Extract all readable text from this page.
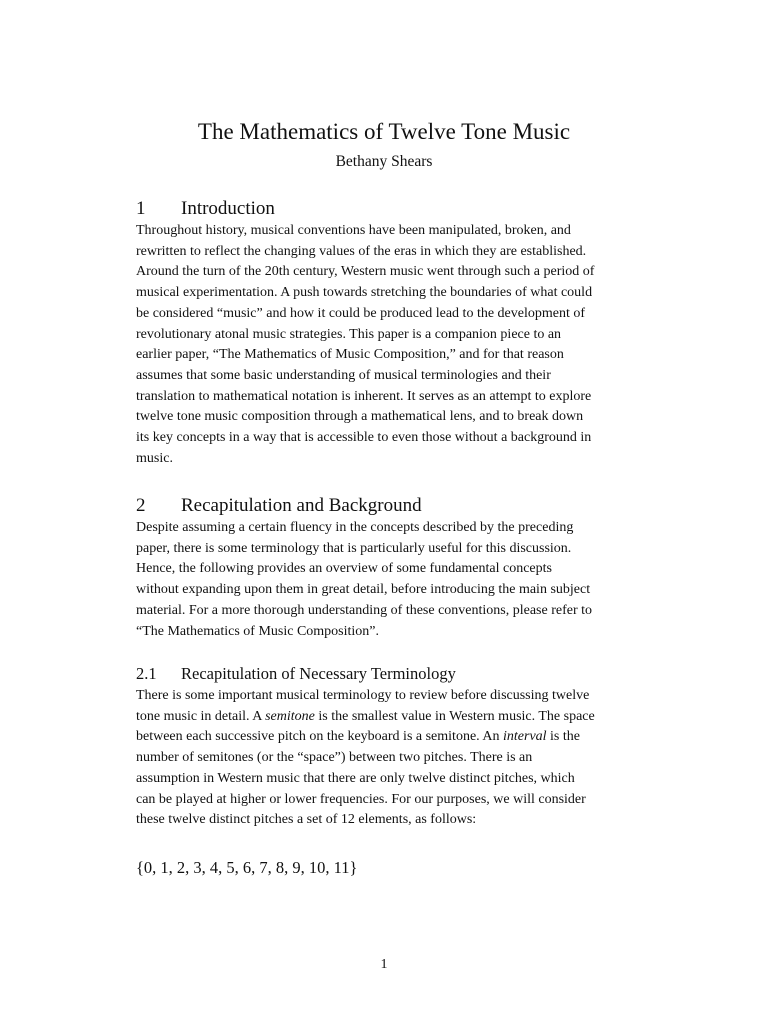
The Mathematics of Twelve Tone Music
Bethany Shears
1 Introduction

Throughout history, musical conventions have been manipulated, broken, and
rewritten to reflect the changing values of the eras in which they are established.
Around the turn of the 20th century, Western music went through such a period of
musical experimentation. A push towards stretching the boundaries of what could
be considered “music” and how it could be produced lead to the development of
revolutionary atonal music strategies. This paper is a companion piece to an
earlier paper, “The Mathematics of Music Composition,” and for that reason
assumes that some basic understanding of musical terminologies and their
translation to mathematical notation is inherent. It serves as an attempt to explore
twelve tone music composition through a mathematical lens, and to break down
its key concepts in a way that is accessible to even those without a background in
music.

2 Recapitulation and Background

Despite assuming a certain fluency in the concepts described by the preceding
paper, there is some terminology that is particularly useful for this discussion.
Hence, the following provides an overview of some fundamental concepts
without expanding upon them in great detail, before introducing the main subject
material. For a more thorough understanding of these conventions, please refer to
“The Mathematics of Music Composition”.

2.1 Recapitulation of Necessary Terminology

There is some important musical terminology to review before discussing twelve
tone music in detail. A semitone is the smallest value in Western music. The space
between each successive pitch on the keyboard is a semitone. An interval is the
number of semitones (or the “space”) between two pitches. There is an
assumption in Western music that there are only twelve distinct pitches, which
can be played at higher or lower frequencies. For our purposes, we will consider
these twelve distinct pitches a set of 12 elements, as follows:

{0, 1, 2, 3, 4, 5, 6, 7, 8, 9, 10, 11}
1
